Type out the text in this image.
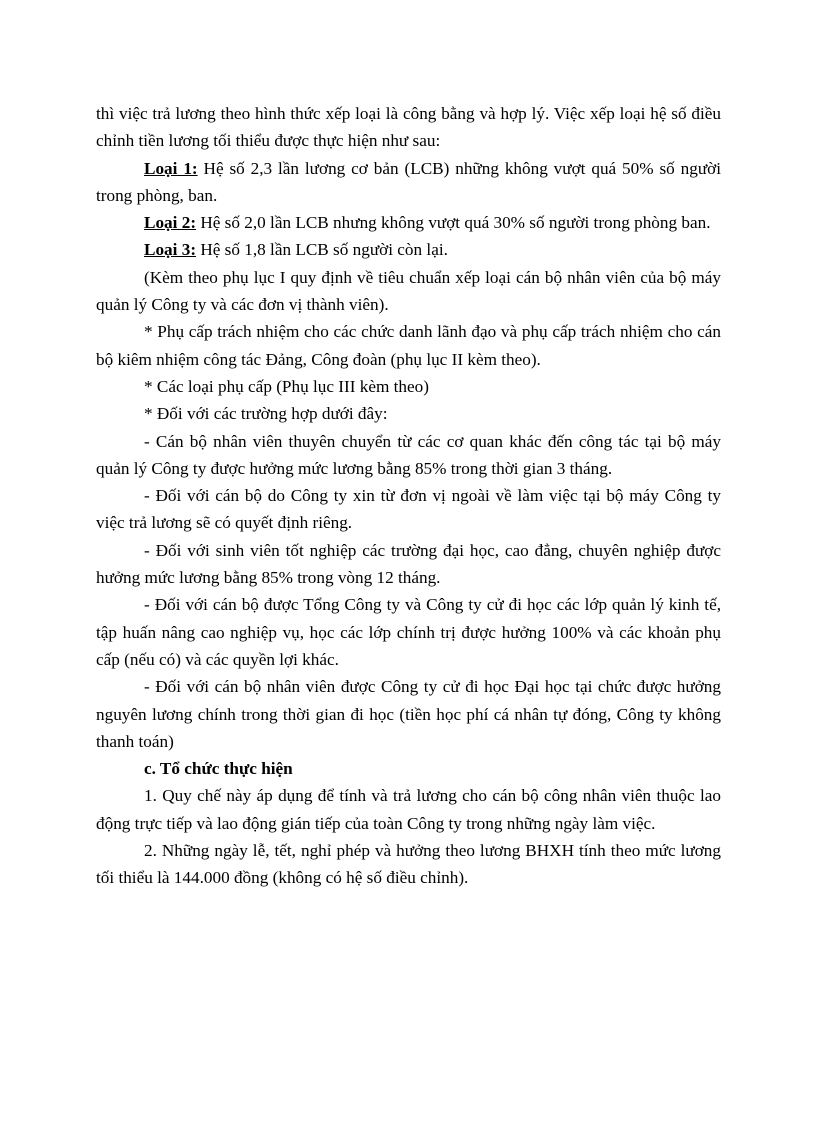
thì việc trả lương theo hình thức xếp loại là công bằng và hợp lý. Việc xếp loại hệ số điều chỉnh tiền lương tối thiểu được thực hiện như sau:

Loại 1: Hệ số 2,3 lần lương cơ bản (LCB) những không vượt quá 50% số người trong phòng, ban.

Loại 2: Hệ số 2,0 lần LCB nhưng không vượt quá 30% số người trong phòng ban.

Loại 3: Hệ số 1,8 lần LCB số người còn lại.

(Kèm theo phụ lục I quy định về tiêu chuẩn xếp loại cán bộ nhân viên của bộ máy quản lý Công ty và các đơn vị thành viên).

* Phụ cấp trách nhiệm cho các chức danh lãnh đạo và phụ cấp trách nhiệm cho cán bộ kiêm nhiệm công tác Đảng, Công đoàn (phụ lục II kèm theo).

* Các loại phụ cấp (Phụ lục III kèm theo)

* Đối với các trường hợp dưới đây:

- Cán bộ nhân viên thuyên chuyển từ các cơ quan khác đến công tác tại bộ máy quản lý Công ty được hưởng mức lương bằng 85% trong thời gian 3 tháng.

- Đối với cán bộ do Công ty xin từ đơn vị ngoài về làm việc tại bộ máy Công ty việc trả lương sẽ có quyết định riêng.

- Đối với sinh viên tốt nghiệp các trường đại học, cao đẳng, chuyên nghiệp được hưởng mức lương bằng 85% trong vòng 12 tháng.

- Đối với cán bộ được Tổng Công ty và Công ty cử đi học các lớp quản lý kinh tế, tập huấn nâng cao nghiệp vụ, học các lớp chính trị được hưởng 100% và các khoản phụ cấp (nếu có) và các quyền lợi khác.

- Đối với cán bộ nhân viên được Công ty cử đi học Đại học tại chức được hưởng nguyên lương chính trong thời gian đi học (tiền học phí cá nhân tự đóng, Công ty không thanh toán)

c. Tổ chức thực hiện

1. Quy chế này áp dụng để tính và trả lương cho cán bộ công nhân viên thuộc lao động trực tiếp và lao động gián tiếp của toàn Công ty trong những ngày làm việc.

2. Những ngày lễ, tết, nghỉ phép và hưởng theo lương BHXH tính theo mức lương tối thiểu là 144.000 đồng (không có hệ số điều chỉnh).
